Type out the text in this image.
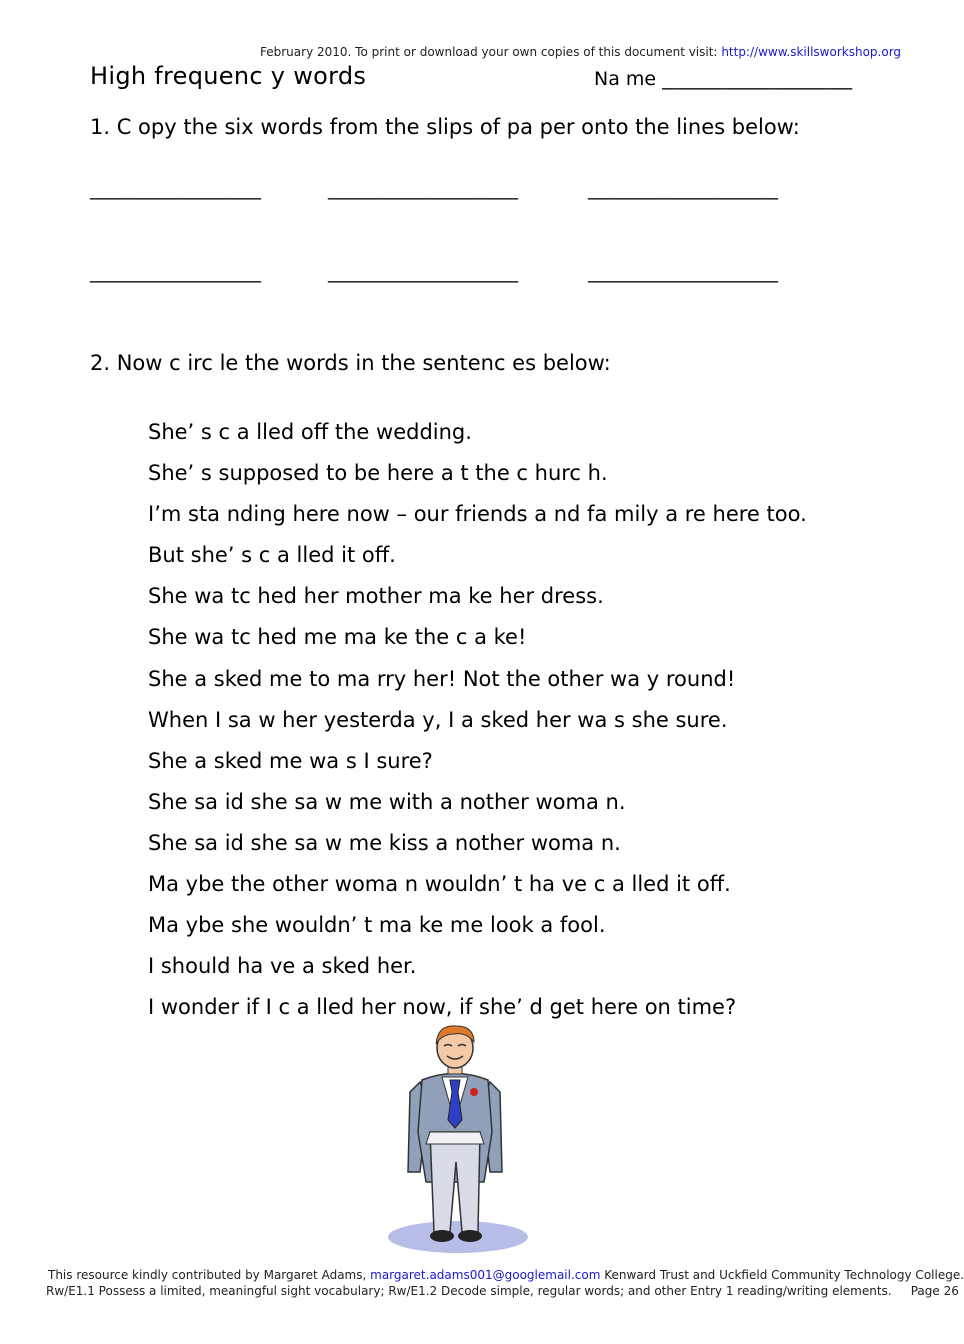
February 2010. To print or download your own copies of this document visit: http://www.skillsworkshop.org
High frequenc y words	Na me ____________________
1. C opy the six words from the slips of pa per onto the lines below:
__________________	____________________	____________________
__________________	____________________	____________________
2. Now c irc le the words in the sentenc es below:
She’ s c a lled off the wedding.
She’ s supposed to be here a t the c hurc h.
I’m sta nding here now – our friends a nd fa mily a re here too.
But she’ s c a lled it off.
She wa tc hed her mother ma ke her dress.
She wa tc hed me ma ke the c a ke!
She a sked me to ma rry her! Not the other wa y round!
When I sa w her yesterda y, I a sked her wa s she sure.
She a sked me wa s I sure?
She sa id she sa w me with a nother woma n.
She sa id she sa w me kiss a nother woma n.
Ma ybe the other woma n wouldn’ t ha ve c a lled it off.
Ma ybe she wouldn’ t ma ke me look a fool.
I should ha ve a sked her.
I wonder if I c a lled her now, if she’ d get here on time?
This resource kindly contributed by Margaret Adams, margaret.adams001@googlemail.com Kenward Trust and Uckfield Community Technology College.
Rw/E1.1 Possess a limited, meaningful sight vocabulary; Rw/E1.2 Decode simple, regular words; and other Entry 1 reading/writing elements. Page 26
